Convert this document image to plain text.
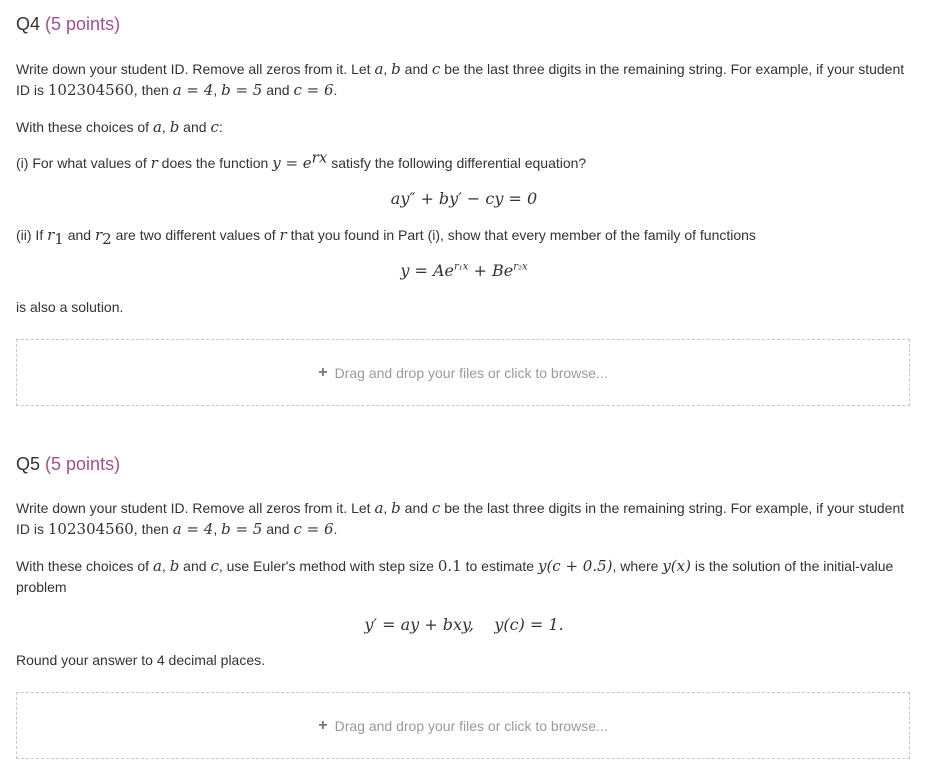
Q4 (5 points)
Write down your student ID. Remove all zeros from it. Let a, b and c be the last three digits in the remaining string. For example, if your student ID is 102304560, then a = 4, b = 5 and c = 6.
With these choices of a, b and c:
(i) For what values of r does the function $y = e^{rx}$ satisfy the following differential equation?
ay″ + by′ − cy = 0
(ii) If $r_1$ and $r_2$ are two different values of r that you found in Part (i), show that every member of the family of functions
$y = Ae^{r_1x} + Be^{r_2x}$
is also a solution.
+ Drag and drop your files or click to browse...
Q5 (5 points)
Write down your student ID. Remove all zeros from it. Let a, b and c be the last three digits in the remaining string. For example, if your student ID is 102304560, then a = 4, b = 5 and c = 6.
With these choices of a, b and c, use Euler's method with step size 0.1 to estimate y(c + 0.5), where y(x) is the solution of the initial-value problem
y′ = ay + bxy,    y(c) = 1.
Round your answer to 4 decimal places.
+ Drag and drop your files or click to browse...
